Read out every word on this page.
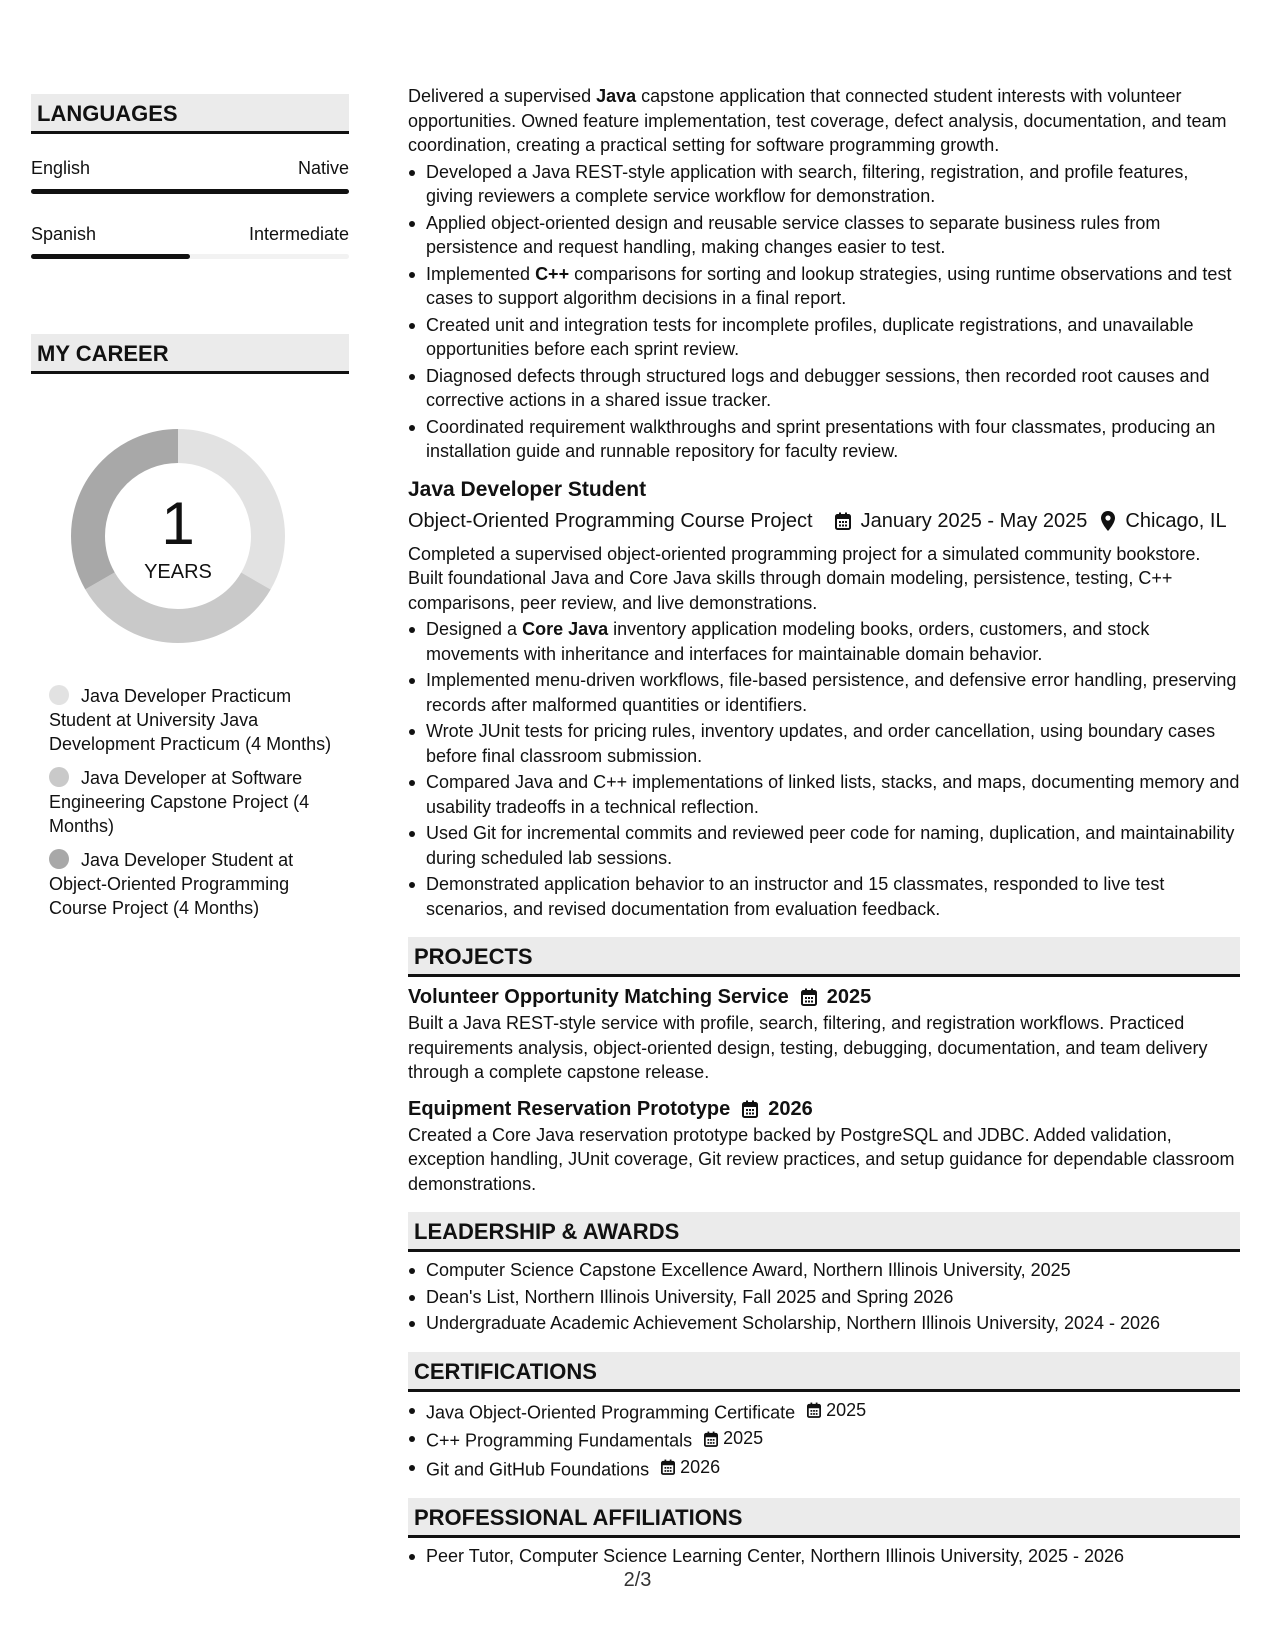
LANGUAGES
English	Native
Spanish	Intermediate
MY CAREER
1
YEARS
Java Developer Practicum Student at University Java Development Practicum (4 Months)
Java Developer at Software Engineering Capstone Project (4 Months)
Java Developer Student at Object-Oriented Programming Course Project (4 Months)

Delivered a supervised Java capstone application that connected student interests with volunteer opportunities. Owned feature implementation, test coverage, defect analysis, documentation, and team coordination, creating a practical setting for software programming growth.

Developed a Java REST-style application with search, filtering, registration, and profile features, giving reviewers a complete service workflow for demonstration.
Applied object-oriented design and reusable service classes to separate business rules from persistence and request handling, making changes easier to test.
Implemented C++ comparisons for sorting and lookup strategies, using runtime observations and test cases to support algorithm decisions in a final report.
Created unit and integration tests for incomplete profiles, duplicate registrations, and unavailable opportunities before each sprint review.
Diagnosed defects through structured logs and debugger sessions, then recorded root causes and corrective actions in a shared issue tracker.
Coordinated requirement walkthroughs and sprint presentations with four classmates, producing an installation guide and runnable repository for faculty review.
Java Developer Student
Object-Oriented Programming Course Project January 2025 - May 2025 Chicago, IL

Completed a supervised object-oriented programming project for a simulated community bookstore. Built foundational Java and Core Java skills through domain modeling, persistence, testing, C++ comparisons, peer review, and live demonstrations.

Designed a Core Java inventory application modeling books, orders, customers, and stock movements with inheritance and interfaces for maintainable domain behavior.
Implemented menu-driven workflows, file-based persistence, and defensive error handling, preserving records after malformed quantities or identifiers.
Wrote JUnit tests for pricing rules, inventory updates, and order cancellation, using boundary cases before final classroom submission.
Compared Java and C++ implementations of linked lists, stacks, and maps, documenting memory and usability tradeoffs in a technical reflection.
Used Git for incremental commits and reviewed peer code for naming, duplication, and maintainability during scheduled lab sessions.
Demonstrated application behavior to an instructor and 15 classmates, responded to live test scenarios, and revised documentation from evaluation feedback.
PROJECTS
Volunteer Opportunity Matching Service 2025

Built a Java REST-style service with profile, search, filtering, and registration workflows. Practiced requirements analysis, object-oriented design, testing, debugging, documentation, and team delivery through a complete capstone release.

Equipment Reservation Prototype 2026

Created a Core Java reservation prototype backed by PostgreSQL and JDBC. Added validation, exception handling, JUnit coverage, Git review practices, and setup guidance for dependable classroom demonstrations.

LEADERSHIP & AWARDS
Computer Science Capstone Excellence Award, Northern Illinois University, 2025
Dean's List, Northern Illinois University, Fall 2025 and Spring 2026
Undergraduate Academic Achievement Scholarship, Northern Illinois University, 2024 - 2026
CERTIFICATIONS
Java Object-Oriented Programming Certificate 2025
C++ Programming Fundamentals 2025
Git and GitHub Foundations 2026
PROFESSIONAL AFFILIATIONS
Peer Tutor, Computer Science Learning Center, Northern Illinois University, 2025 - 2026
2/3
